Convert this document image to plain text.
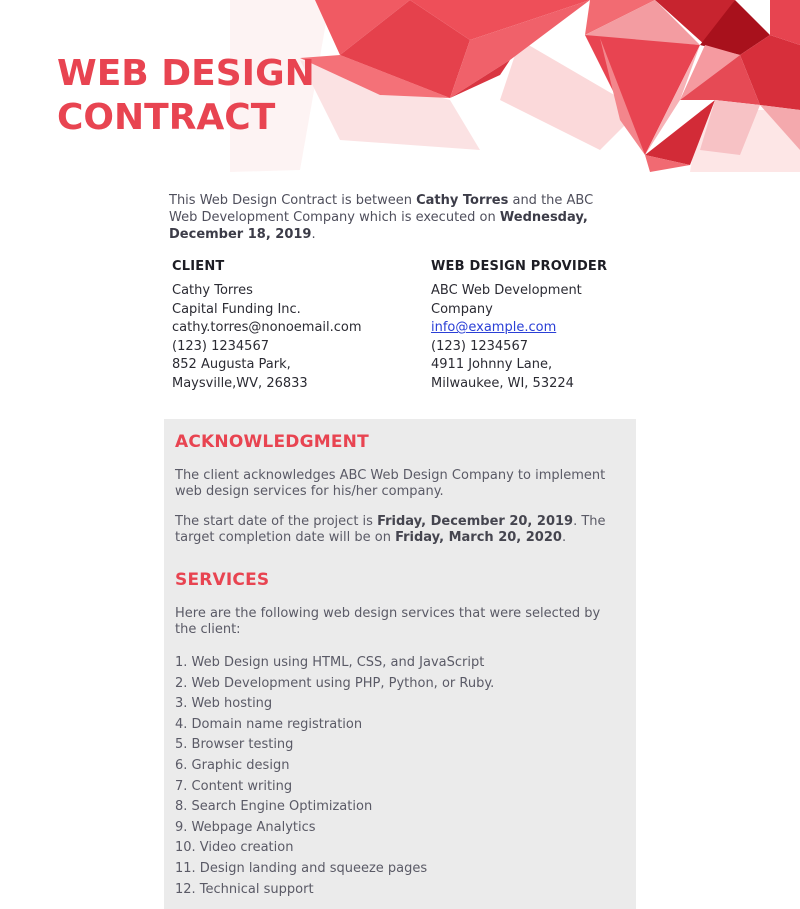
WEB DESIGN
CONTRACT

This Web Design Contract is between Cathy Torres and the ABC Web Development Company which is executed on Wednesday, December 18, 2019.

CLIENT
Cathy Torres
Capital Funding Inc.
cathy.torres@nonoemail.com
(123) 1234567
852 Augusta Park,
Maysville,WV, 26833
WEB DESIGN PROVIDER
ABC Web Development
Company
info@example.com
(123) 1234567
4911 Johnny Lane,
Milwaukee, WI, 53224
ACKNOWLEDGMENT

The client acknowledges ABC Web Design Company to implement web design services for his/her company.

The start date of the project is Friday, December 20, 2019. The target completion date will be on Friday, March 20, 2020.

SERVICES

Here are the following web design services that were selected by the client:

1. Web Design using HTML, CSS, and JavaScript
2. Web Development using PHP, Python, or Ruby.
3. Web hosting
4. Domain name registration
5. Browser testing
6. Graphic design
7. Content writing
8. Search Engine Optimization
9. Webpage Analytics
10. Video creation
11. Design landing and squeeze pages
12. Technical support
